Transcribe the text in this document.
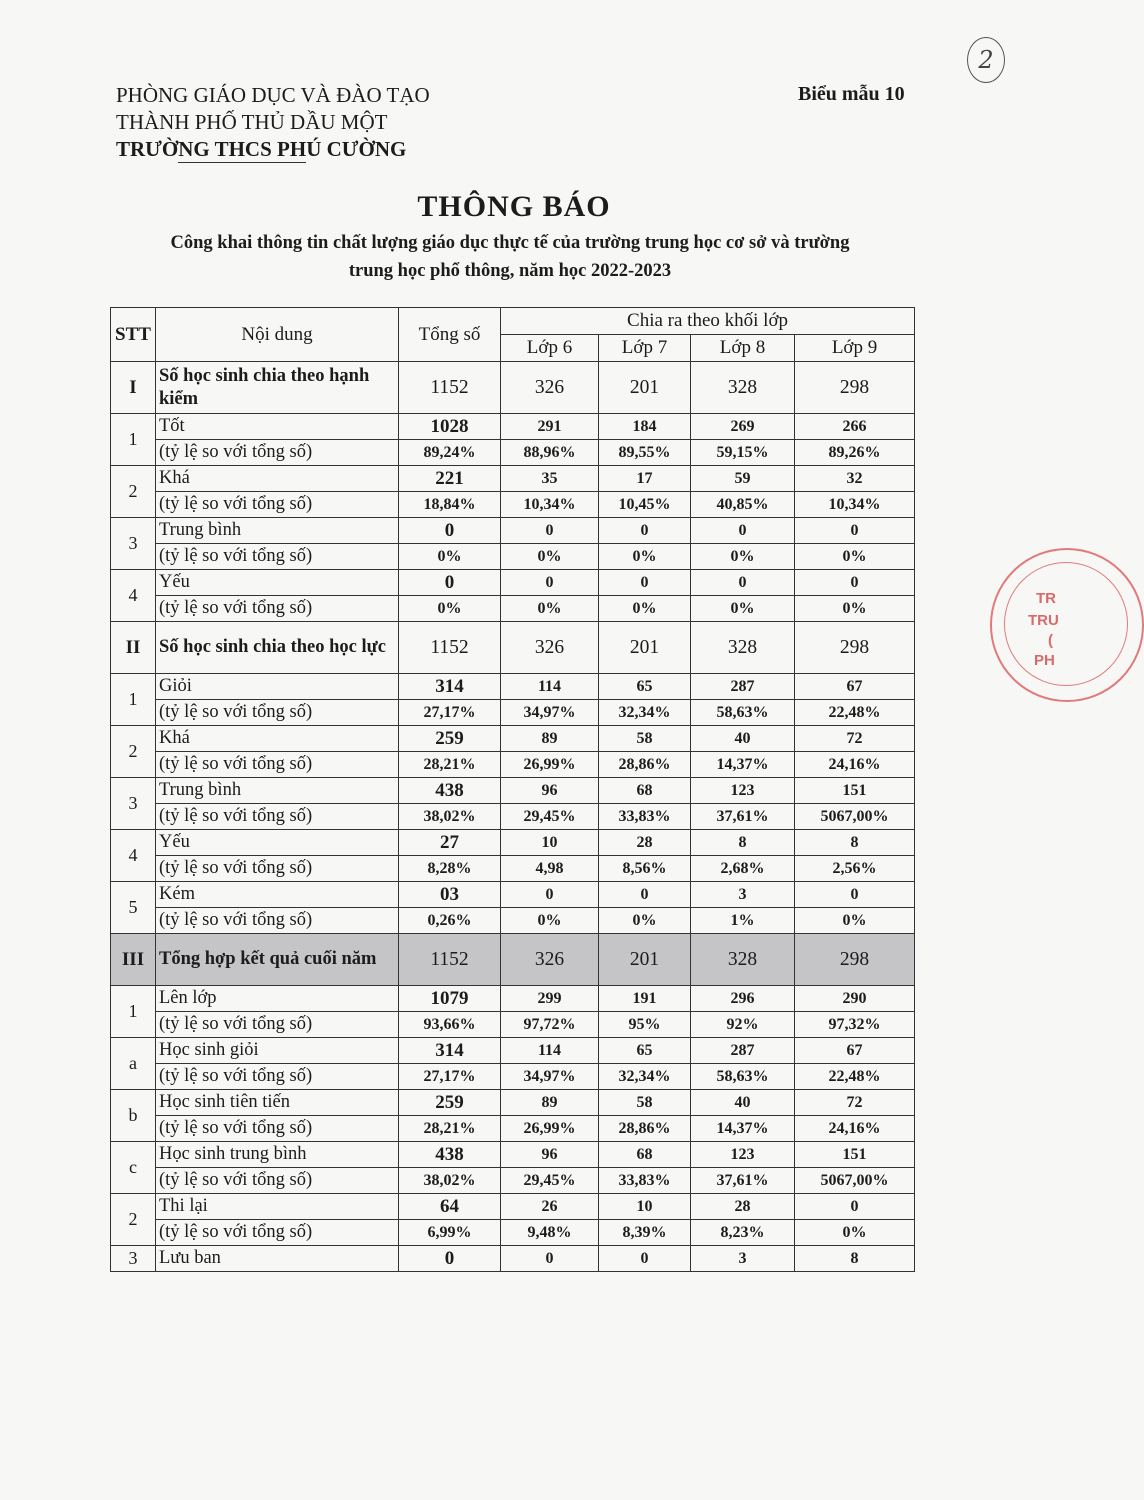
PHÒNG GIÁO DỤC VÀ ĐÀO TẠO
THÀNH PHỐ THỦ DẦU MỘT
TRƯỜNG THCS PHÚ CƯỜNG
Biểu mẫu 10
2
THÔNG BÁO
Công khai thông tin chất lượng giáo dục thực tế của trường trung học cơ sở và trường
trung học phổ thông, năm học 2022-2023
TR
TRU
(
PH
STT	Nội dung	Tổng số	Chia ra theo khối lớp			
			Lớp 6	Lớp 7	Lớp 8	Lớp 9
I	Số học sinh chia theo hạnh kiểm	1152	326	201	328	298
1	Tốt	1028	291	184	269	266
	(tỷ lệ so với tổng số)	89,24%	88,96%	89,55%	59,15%	89,26%
2	Khá	221	35	17	59	32
	(tỷ lệ so với tổng số)	18,84%	10,34%	10,45%	40,85%	10,34%
3	Trung bình	0	0	0	0	0
	(tỷ lệ so với tổng số)	0%	0%	0%	0%	0%
4	Yếu	0	0	0	0	0
	(tỷ lệ so với tổng số)	0%	0%	0%	0%	0%
II	Số học sinh chia theo học lực	1152	326	201	328	298
1	Giỏi	314	114	65	287	67
	(tỷ lệ so với tổng số)	27,17%	34,97%	32,34%	58,63%	22,48%
2	Khá	259	89	58	40	72
	(tỷ lệ so với tổng số)	28,21%	26,99%	28,86%	14,37%	24,16%
3	Trung bình	438	96	68	123	151
	(tỷ lệ so với tổng số)	38,02%	29,45%	33,83%	37,61%	5067,00%
4	Yếu	27	10	28	8	8
	(tỷ lệ so với tổng số)	8,28%	4,98	8,56%	2,68%	2,56%
5	Kém	03	0	0	3	0
	(tỷ lệ so với tổng số)	0,26%	0%	0%	1%	0%
III	Tổng hợp kết quả cuối năm	1152	326	201	328	298
1	Lên lớp	1079	299	191	296	290
	(tỷ lệ so với tổng số)	93,66%	97,72%	95%	92%	97,32%
a	Học sinh giỏi	314	114	65	287	67
	(tỷ lệ so với tổng số)	27,17%	34,97%	32,34%	58,63%	22,48%
b	Học sinh tiên tiến	259	89	58	40	72
	(tỷ lệ so với tổng số)	28,21%	26,99%	28,86%	14,37%	24,16%
c	Học sinh trung bình	438	96	68	123	151
	(tỷ lệ so với tổng số)	38,02%	29,45%	33,83%	37,61%	5067,00%
2	Thi lại	64	26	10	28	0
	(tỷ lệ so với tổng số)	6,99%	9,48%	8,39%	8,23%	0%
3	Lưu ban	0	0	0	3	8
